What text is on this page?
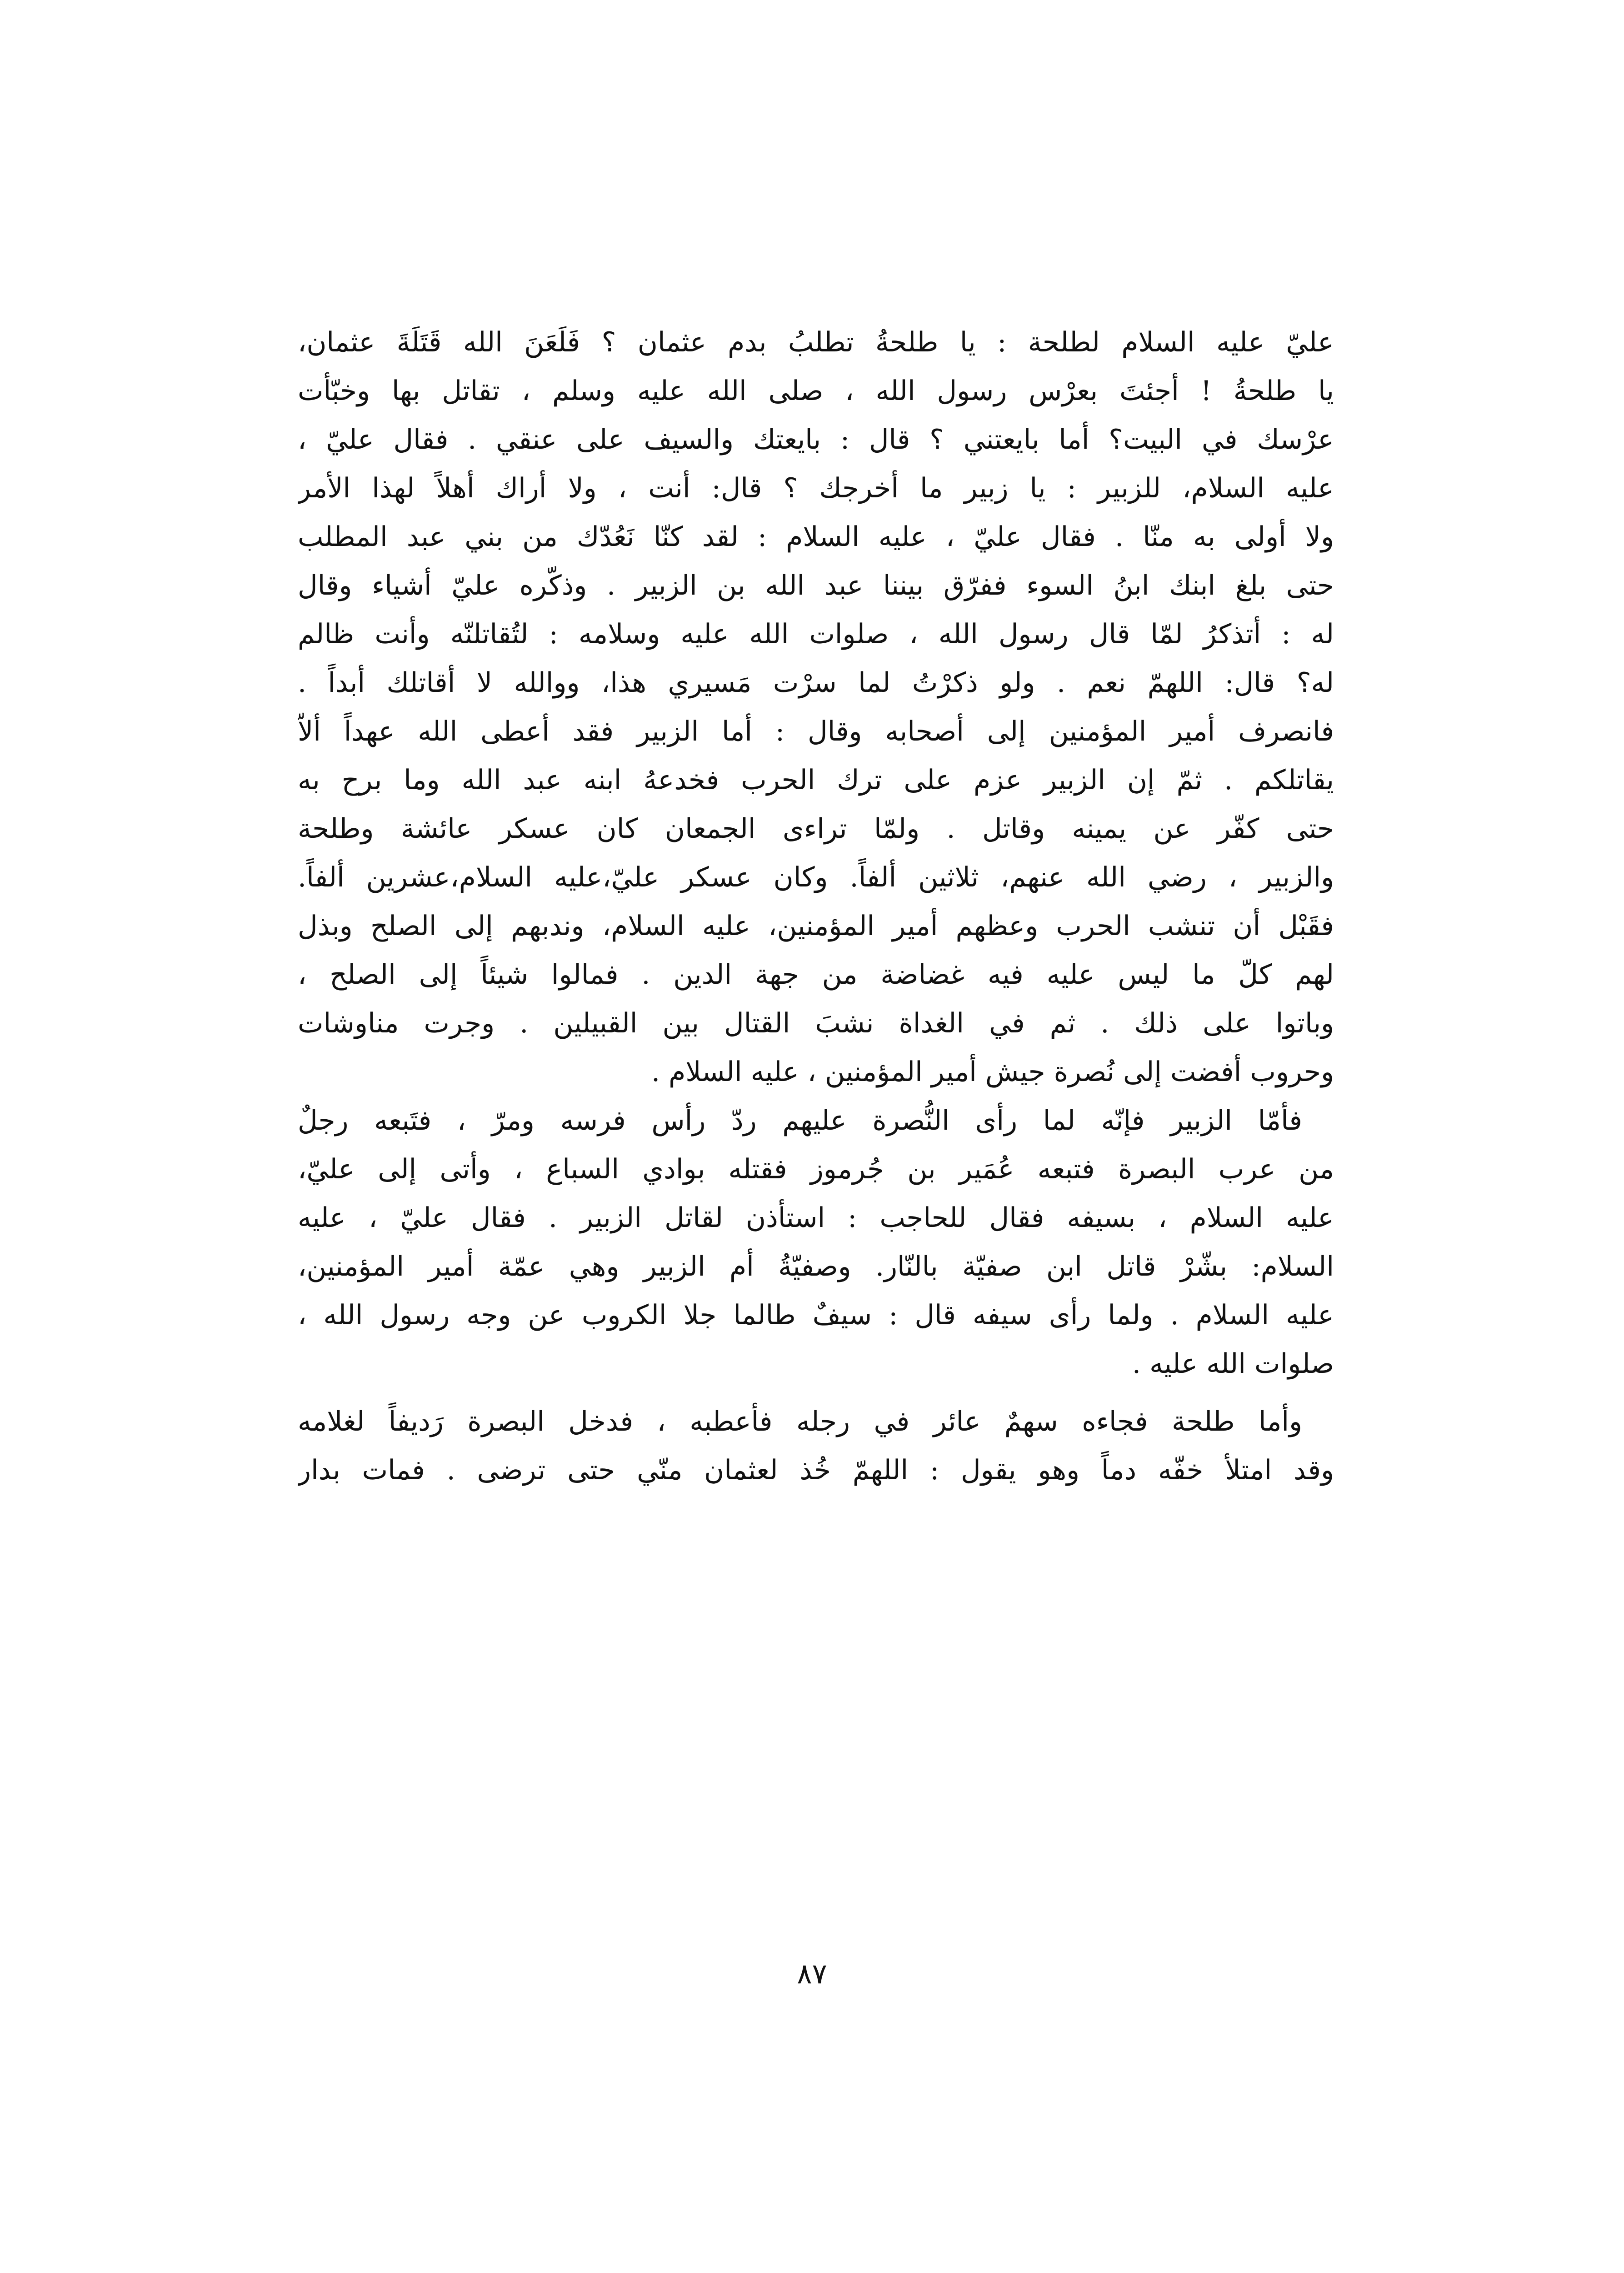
عليّ عليه السلام لطلحة : يا طلحةُ تطلبُ بدم عثمان ؟ فَلَعَنَ الله قَتَلَةَ عثمان،
يا طلحةُ ! أجئتَ بعرْس رسول الله ، صلى الله عليه وسلم ، تقاتل بها وخبّأت
عرْسك في البيت؟ أما بايعتني ؟ قال : بايعتك والسيف على عنقي . فقال عليّ ،
عليه السلام، للزبير : يا زبير ما أخرجك ؟ قال: أنت ، ولا أراك أهلاً لهذا الأمر
ولا أولى به منّا . فقال عليّ ، عليه السلام : لقد كنّا نَعُدّك من بني عبد المطلب
حتى بلغ ابنك ابنُ السوء ففرّق بيننا عبد الله بن الزبير . وذكّره عليّ أشياء وقال
له : أتذكرُ لمّا قال رسول الله ، صلوات الله عليه وسلامه : لتُقاتلنّه وأنت ظالم
له؟ قال: اللهمّ نعم . ولو ذكرْتُ لما سرْت مَسيري هذا، ووالله لا أقاتلك أبداً .
فانصرف أمير المؤمنين إلى أصحابه وقال : أما الزبير فقد أعطى الله عهداً ألاّ
يقاتلكم . ثمّ إن الزبير عزم على ترك الحرب فخدعهُ ابنه عبد الله وما برح به
حتى كفّر عن يمينه وقاتل . ولمّا تراءى الجمعان كان عسكر عائشة وطلحة
والزبير ، رضي الله عنهم، ثلاثين ألفاً. وكان عسكر عليّ،عليه السلام،عشرين ألفاً.
فقَبْل أن تنشب الحرب وعظهم أمير المؤمنين، عليه السلام، وندبهم إلى الصلح وبذل
لهم كلّ ما ليس عليه فيه غضاضة من جهة الدين . فمالوا شيئاً إلى الصلح ،
وباتوا على ذلك . ثم في الغداة نشبَ القتال بين القبيلين . وجرت مناوشات
وحروب أفضت إلى نُصرة جيش أمير المؤمنين ، عليه السلام .
فأمّا الزبير فإنّه لما رأى النُّصرة عليهم ردّ رأس فرسه ومرّ ، فتَبعه رجلٌ
من عرب البصرة فتبعه عُمَير بن جُرموز فقتله بوادي السباع ، وأتى إلى عليّ،
عليه السلام ، بسيفه فقال للحاجب : استأذن لقاتل الزبير . فقال عليّ ، عليه
السلام: بشّرْ قاتل ابن صفيّة بالنّار. وصفيّةُ أم الزبير وهي عمّة أمير المؤمنين،
عليه السلام . ولما رأى سيفه قال : سيفٌ طالما جلا الكروب عن وجه رسول الله ،
صلوات الله عليه .
وأما طلحة فجاءه سهمٌ عائر في رجله فأعطبه ، فدخل البصرة رَديفاً لغلامه
وقد امتلأ خفّه دماً وهو يقول : اللهمّ خُذ لعثمان منّي حتى ترضى . فمات بدار
٨٧
